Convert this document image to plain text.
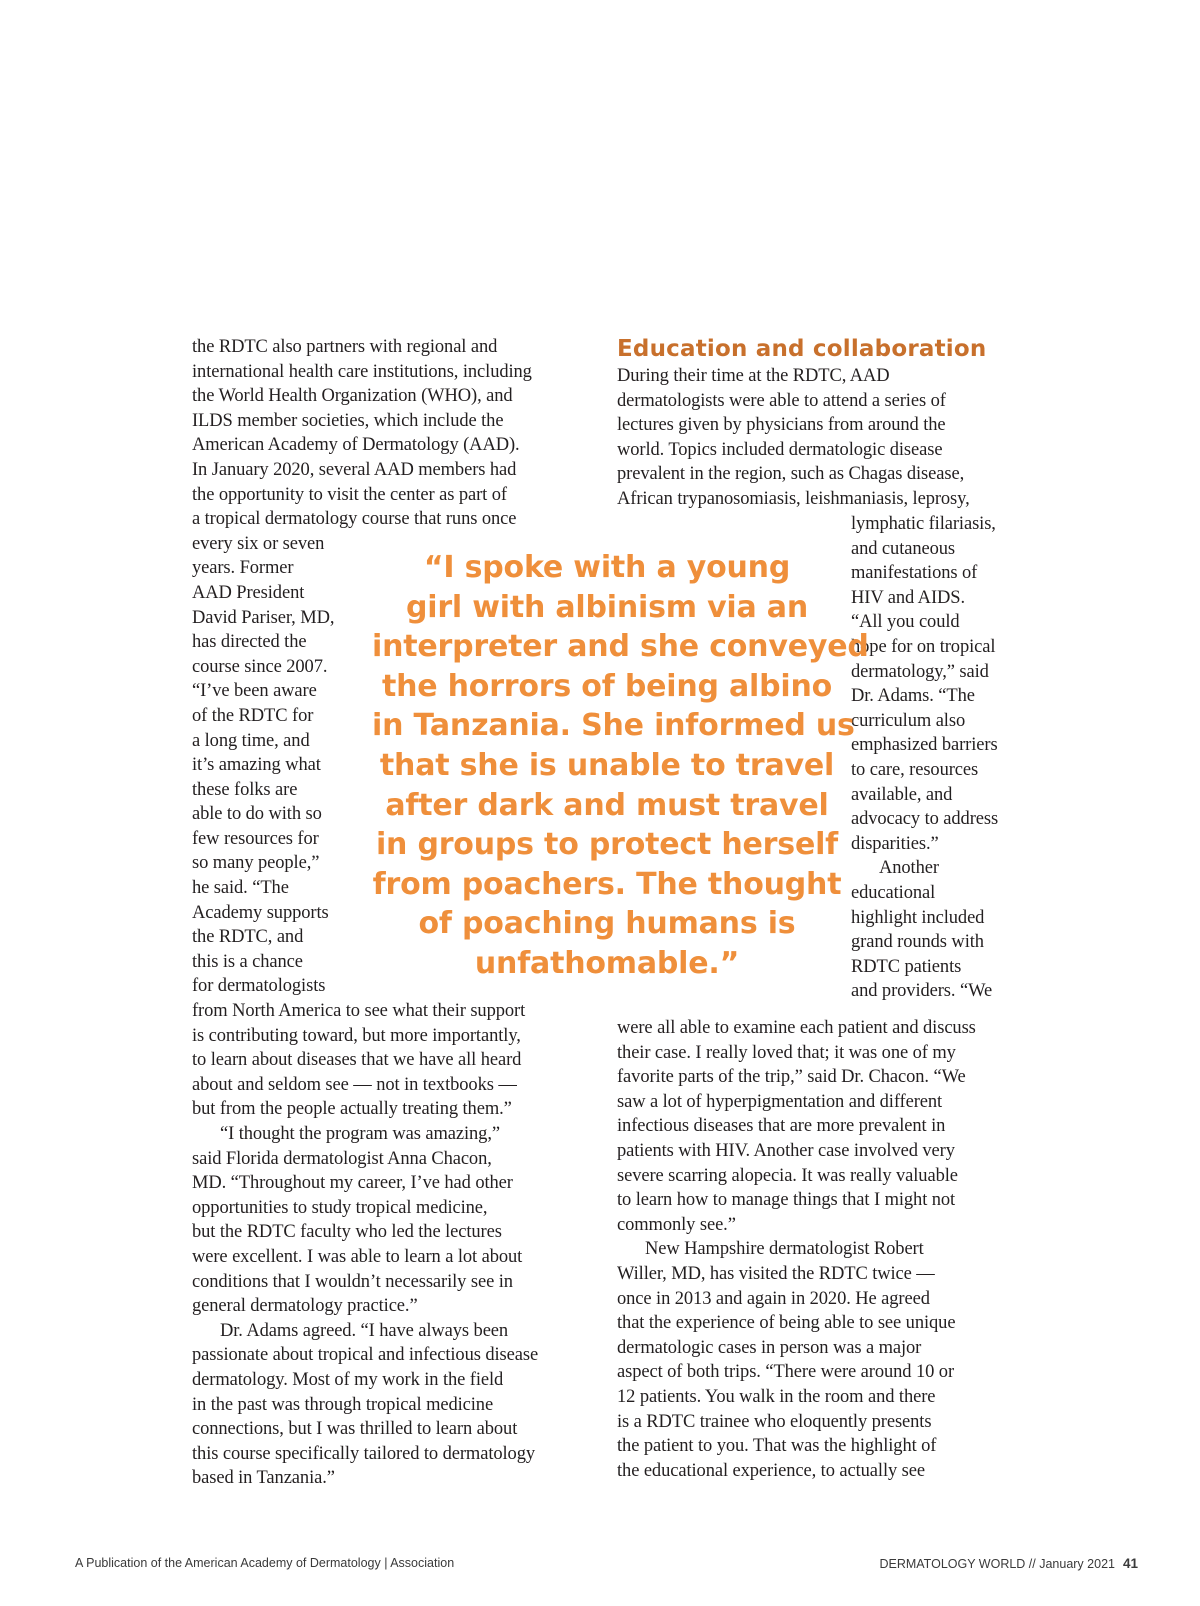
the RDTC also partners with regional and
international health care institutions, including
the World Health Organization (WHO), and
ILDS member societies, which include the
American Academy of Dermatology (AAD).
In January 2020, several AAD members had
the opportunity to visit the center as part of
a tropical dermatology course that runs once
every six or seven
years. Former
AAD President
David Pariser, MD,
has directed the
course since 2007.
“I’ve been aware
of the RDTC for
a long time, and
it’s amazing what
these folks are
able to do with so
few resources for
so many people,”
he said. “The
Academy supports
the RDTC, and
this is a chance
for dermatologists
from North America to see what their support
is contributing toward, but more importantly,
to learn about diseases that we have all heard
about and seldom see — not in textbooks —
but from the people actually treating them.”
“I thought the program was amazing,”
said Florida dermatologist Anna Chacon,
MD. “Throughout my career, I’ve had other
opportunities to study tropical medicine,
but the RDTC faculty who led the lectures
were excellent. I was able to learn a lot about
conditions that I wouldn’t necessarily see in
general dermatology practice.”
Dr. Adams agreed. “I have always been
passionate about tropical and infectious disease
dermatology. Most of my work in the field
in the past was through tropical medicine
connections, but I was thrilled to learn about
this course specifically tailored to dermatology
based in Tanzania.”
Education and collaboration
During their time at the RDTC, AAD
dermatologists were able to attend a series of
lectures given by physicians from around the
world. Topics included dermatologic disease
prevalent in the region, such as Chagas disease,
African trypanosomiasis, leishmaniasis, leprosy,
lymphatic filariasis,
and cutaneous
manifestations of
HIV and AIDS.
“All you could
hope for on tropical
dermatology,” said
Dr. Adams. “The
curriculum also
emphasized barriers
to care, resources
available, and
advocacy to address
disparities.”
Another
educational
highlight included
grand rounds with
RDTC patients
and providers. “We
were all able to examine each patient and discuss
their case. I really loved that; it was one of my
favorite parts of the trip,” said Dr. Chacon. “We
saw a lot of hyperpigmentation and different
infectious diseases that are more prevalent in
patients with HIV. Another case involved very
severe scarring alopecia. It was really valuable
to learn how to manage things that I might not
commonly see.”
New Hampshire dermatologist Robert
Willer, MD, has visited the RDTC twice —
once in 2013 and again in 2020. He agreed
that the experience of being able to see unique
dermatologic cases in person was a major
aspect of both trips. “There were around 10 or
12 patients. You walk in the room and there
is a RDTC trainee who eloquently presents
the patient to you. That was the highlight of
the educational experience, to actually see
“I spoke with a young
girl with albinism via an
interpreter and she conveyed
the horrors of being albino
in Tanzania. She informed us
that she is unable to travel
after dark and must travel
in groups to protect herself
from poachers. The thought
of poaching humans is
unfathomable.”
A Publication of the American Academy of Dermatology | Association	DERMATOLOGY WORLD // January 2021 41
